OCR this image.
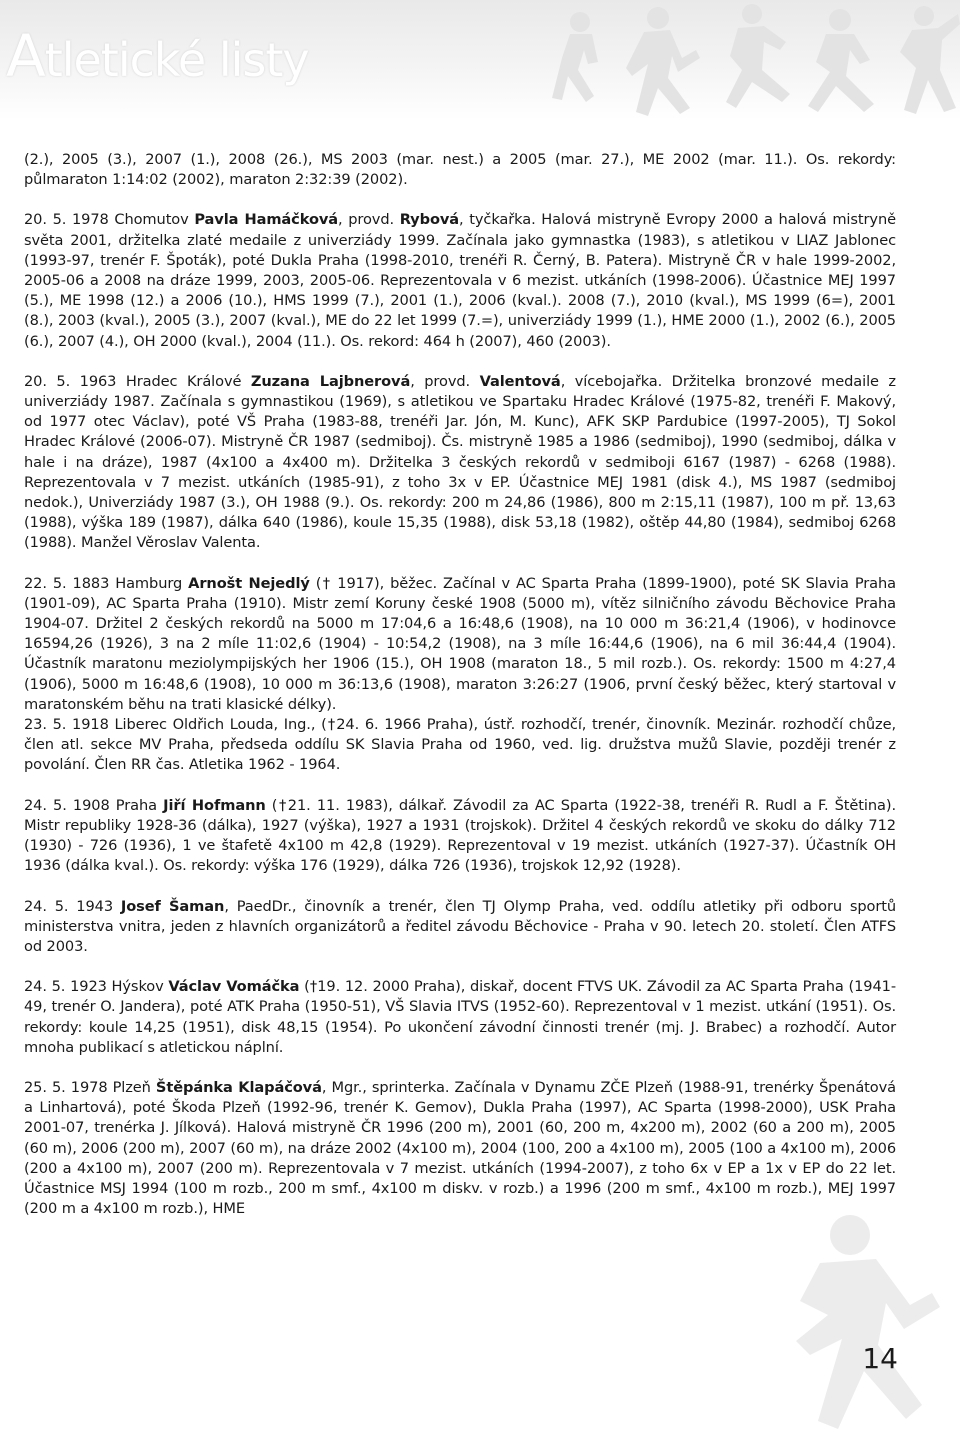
Atletické listy

(2.), 2005 (3.), 2007 (1.), 2008 (26.), MS 2003 (mar. nest.) a 2005 (mar. 27.), ME 2002 (mar. 11.). Os. rekordy: půlmaraton 1:14:02 (2002), maraton 2:32:39 (2002).

20. 5. 1978 Chomutov Pavla Hamáčková, provd. Rybová, tyčkařka. Halová mistryně Evropy 2000 a halová mistryně světa 2001, držitelka zlaté medaile z univerziády 1999. Začínala jako gymnastka (1983), s atletikou v LIAZ Jablonec (1993-97, trenér F. Špoták), poté Dukla Praha (1998-2010, trenéři R. Černý, B. Patera). Mistryně ČR v hale 1999-2002, 2005-06 a 2008 na dráze 1999, 2003, 2005-06. Reprezentovala v 6 mezist. utkáních (1998-2006). Účastnice MEJ 1997 (5.), ME 1998 (12.) a 2006 (10.), HMS 1999 (7.), 2001 (1.), 2006 (kval.). 2008 (7.), 2010 (kval.), MS 1999 (6=), 2001 (8.), 2003 (kval.), 2005 (3.), 2007 (kval.), ME do 22 let 1999 (7.=), univerziády 1999 (1.), HME 2000 (1.), 2002 (6.), 2005 (6.), 2007 (4.), OH 2000 (kval.), 2004 (11.). Os. rekord: 464 h (2007), 460 (2003).

20. 5. 1963 Hradec Králové Zuzana Lajbnerová, provd. Valentová, vícebojařka. Držitelka bronzové medaile z univerziády 1987. Začínala s gymnastikou (1969), s atletikou ve Spartaku Hradec Králové (1975-82, trenéři F. Makový, od 1977 otec Václav), poté VŠ Praha (1983-88, trenéři Jar. Jón, M. Kunc), AFK SKP Pardubice (1997-2005), TJ Sokol Hradec Králové (2006-07). Mistryně ČR 1987 (sedmiboj). Čs. mistryně 1985 a 1986 (sedmiboj), 1990 (sedmiboj, dálka v hale i na dráze), 1987 (4x100 a 4x400 m). Držitelka 3 českých rekordů v sedmiboji 6167 (1987) - 6268 (1988). Reprezentovala v 7 mezist. utkáních (1985-91), z toho 3x v EP. Účastnice MEJ 1981 (disk 4.), MS 1987 (sedmiboj nedok.), Univerziády 1987 (3.), OH 1988 (9.). Os. rekordy: 200 m 24,86 (1986), 800 m 2:15,11 (1987), 100 m př. 13,63 (1988), výška 189 (1987), dálka 640 (1986), koule 15,35 (1988), disk 53,18 (1982), oštěp 44,80 (1984), sedmiboj 6268 (1988). Manžel Věroslav Valenta.

22. 5. 1883 Hamburg Arnošt Nejedlý († 1917), běžec. Začínal v AC Sparta Praha (1899-1900), poté SK Slavia Praha (1901-09), AC Sparta Praha (1910). Mistr zemí Koruny české 1908 (5000 m), vítěz silničního závodu Běchovice Praha 1904-07. Držitel 2 českých rekordů na 5000 m 17:04,6 a 16:48,6 (1908), na 10 000 m 36:21,4 (1906), v hodinovce 16594,26 (1926), 3 na 2 míle 11:02,6 (1904) - 10:54,2 (1908), na 3 míle 16:44,6 (1906), na 6 mil 36:44,4 (1904). Účastník maratonu meziolympijských her 1906 (15.), OH 1908 (maraton 18., 5 mil rozb.). Os. rekordy: 1500 m 4:27,4 (1906), 5000 m 16:48,6 (1908), 10 000 m 36:13,6 (1908), maraton 3:26:27 (1906, první český běžec, který startoval v maratonském běhu na trati klasické délky).

23. 5. 1918 Liberec Oldřich Louda, Ing., (†24. 6. 1966 Praha), ústř. rozhodčí, trenér, činovník. Mezinár. rozhodčí chůze, člen atl. sekce MV Praha, předseda oddílu SK Slavia Praha od 1960, ved. lig. družstva mužů Slavie, později trenér z povolání. Člen RR čas. Atletika 1962 - 1964.

24. 5. 1908 Praha Jiří Hofmann (†21. 11. 1983), dálkař. Závodil za AC Sparta (1922-38, trenéři R. Rudl a F. Štětina). Mistr republiky 1928-36 (dálka), 1927 (výška), 1927 a 1931 (trojskok). Držitel 4 českých rekordů ve skoku do dálky 712 (1930) - 726 (1936), 1 ve štafetě 4x100 m 42,8 (1929). Reprezentoval v 19 mezist. utkáních (1927-37). Účastník OH 1936 (dálka kval.). Os. rekordy: výška 176 (1929), dálka 726 (1936), trojskok 12,92 (1928).

24. 5. 1943 Josef Šaman, PaedDr., činovník a trenér, člen TJ Olymp Praha, ved. oddílu atletiky při odboru sportů ministerstva vnitra, jeden z hlavních organizátorů a ředitel závodu Běchovice - Praha v 90. letech 20. století. Člen ATFS od 2003.

24. 5. 1923 Hýskov Václav Vomáčka (†19. 12. 2000 Praha), diskař, docent FTVS UK. Závodil za AC Sparta Praha (1941-49, trenér O. Jandera), poté ATK Praha (1950-51), VŠ Slavia ITVS (1952-60). Reprezentoval v 1 mezist. utkání (1951). Os. rekordy: koule 14,25 (1951), disk 48,15 (1954). Po ukončení závodní činnosti trenér (mj. J. Brabec) a rozhodčí. Autor mnoha publikací s atletickou náplní.

25. 5. 1978 Plzeň Štěpánka Klapáčová, Mgr., sprinterka. Začínala v Dynamu ZČE Plzeň (1988-91, trenérky Špenátová a Linhartová), poté Škoda Plzeň (1992-96, trenér K. Gemov), Dukla Praha (1997), AC Sparta (1998-2000), USK Praha 2001-07, trenérka J. Jílková). Halová mistryně ČR 1996 (200 m), 2001 (60, 200 m, 4x200 m), 2002 (60 a 200 m), 2005 (60 m), 2006 (200 m), 2007 (60 m), na dráze 2002 (4x100 m), 2004 (100, 200 a 4x100 m), 2005 (100 a 4x100 m), 2006 (200 a 4x100 m), 2007 (200 m). Reprezentovala v 7 mezist. utkáních (1994-2007), z toho 6x v EP a 1x v EP do 22 let. Účastnice MSJ 1994 (100 m rozb., 200 m smf., 4x100 m diskv. v rozb.) a 1996 (200 m smf., 4x100 m rozb.), MEJ 1997 (200 m a 4x100 m rozb.), HME

14
